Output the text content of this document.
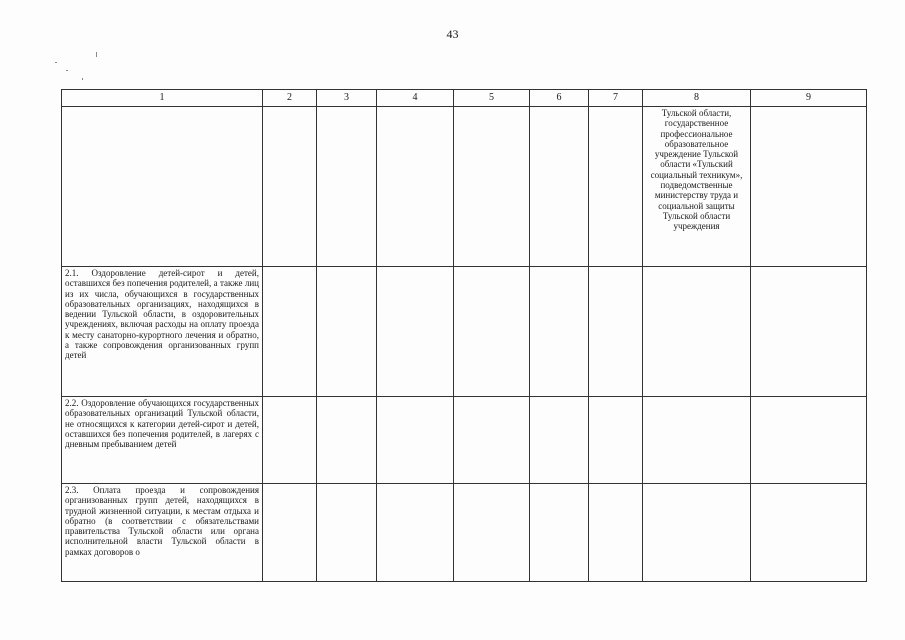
43
1	2	3	4	5	6	7	8	9
							Тульской области, государственное профессиональное образовательное учреждение Тульской области «Тульский социальный техникум», подведомственные министерству труда и социальной защиты Тульской области учреждения	
2.1. Оздоровление детей-сирот и детей, оставшихся без попечения родителей, а также лиц из их числа, обучающихся в государственных образовательных организациях, находящихся в ведении Тульской области, в оздоровительных учреждениях, включая расходы на оплату проезда к месту санаторно-курортного лечения и обратно, а также сопровождения организованных групп детей								
2.2. Оздоровление обучающихся государственных образовательных организаций Тульской области, не относящихся к категории детей-сирот и детей, оставшихся без попечения родителей, в лагерях с дневным пребыванием детей								
2.3. Оплата проезда и сопровождения организованных групп детей, находящихся в трудной жизненной ситуации, к местам отдыха и обратно (в соответствии с обязательствами правительства Тульской области или органа исполнительной власти Тульской области в рамках договоров о								
